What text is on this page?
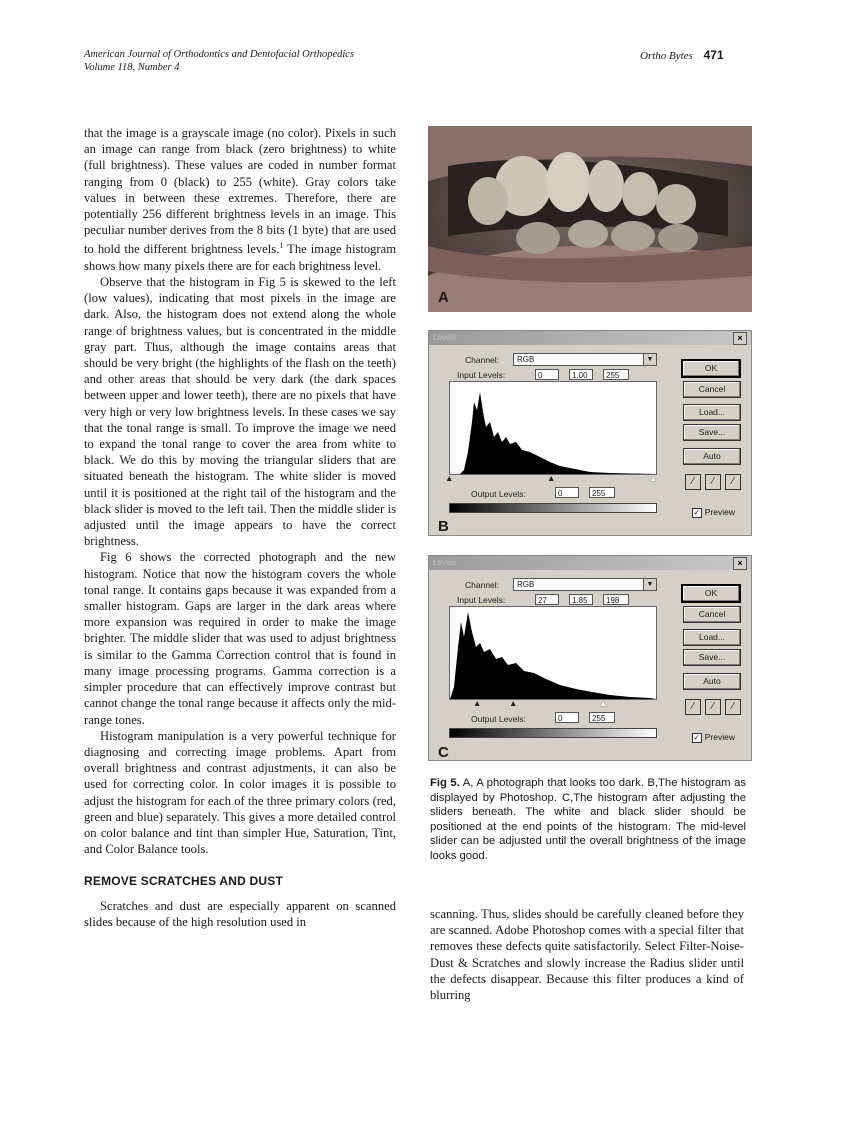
American Journal of Orthodontics and Dentofacial Orthopedics
Volume 118, Number 4
Ortho Bytes 471

that the image is a grayscale image (no color). Pixels in such an image can range from black (zero brightness) to white (full brightness). These values are coded in number format ranging from 0 (black) to 255 (white). Gray colors take values in between these extremes. Therefore, there are potentially 256 different brightness levels in an image. This peculiar number derives from the 8 bits (1 byte) that are used to hold the different brightness levels.$^1$ The image histogram shows how many pixels there are for each brightness level.

Observe that the histogram in Fig 5 is skewed to the left (low values), indicating that most pixels in the image are dark. Also, the histogram does not extend along the whole range of brightness values, but is concentrated in the middle gray part. Thus, although the image contains areas that should be very bright (the highlights of the flash on the teeth) and other areas that should be very dark (the dark spaces between upper and lower teeth), there are no pixels that have very high or very low brightness levels. In these cases we say that the tonal range is small. To improve the image we need to expand the tonal range to cover the area from white to black. We do this by moving the triangular sliders that are situated beneath the histogram. The white slider is moved until it is positioned at the right tail of the histogram and the black slider is moved to the left tail. Then the middle slider is adjusted until the image appears to have the correct brightness.

Fig 6 shows the corrected photograph and the new histogram. Notice that now the histogram covers the whole tonal range. It contains gaps because it was expanded from a smaller histogram. Gaps are larger in the dark areas where more expansion was required in order to make the image brighter. The middle slider that was used to adjust brightness is similar to the Gamma Correction control that is found in many image processing programs. Gamma correction is a simpler procedure that can effectively improve contrast but cannot change the tonal range because it affects only the mid-range tones.

Histogram manipulation is a very powerful technique for diagnosing and correcting image problems. Apart from overall brightness and contrast adjustments, it can also be used for correcting color. In color images it is possible to adjust the histogram for each of the three primary colors (red, green and blue) separately. This gives a more detailed control on color balance and tint than simpler Hue, Saturation, Tint, and Color Balance tools.

REMOVE SCRATCHES AND DUST

Scratches and dust are especially apparent on scanned slides because of the high resolution used in

A
Levels	×
Channel:	RGB	▼
Input Levels:	0	1.00	255
▲	▲	▲
Output Levels:	0	255
OK
Cancel
Load...
Save...
Auto
⁄	⁄	⁄
✓ Preview
B
Levels	×
Channel:	RGB	▼
Input Levels:	27	1.85	198
▲	▲	▲
Output Levels:	0	255
OK
Cancel
Load...
Save...
Auto
⁄	⁄	⁄
✓ Preview
C
Fig 5. A, A photograph that looks too dark. B,The histogram as displayed by Photoshop. C,The histogram after adjusting the sliders beneath. The white and black slider should be positioned at the end points of the histogram. The mid-level slider can be adjusted until the overall brightness of the image looks good.

scanning. Thus, slides should be carefully cleaned before they are scanned. Adobe Photoshop comes with a special filter that removes these defects quite satisfactorily. Select Filter-Noise-Dust & Scratches and slowly increase the Radius slider until the defects disappear. Because this filter produces a kind of blurring
